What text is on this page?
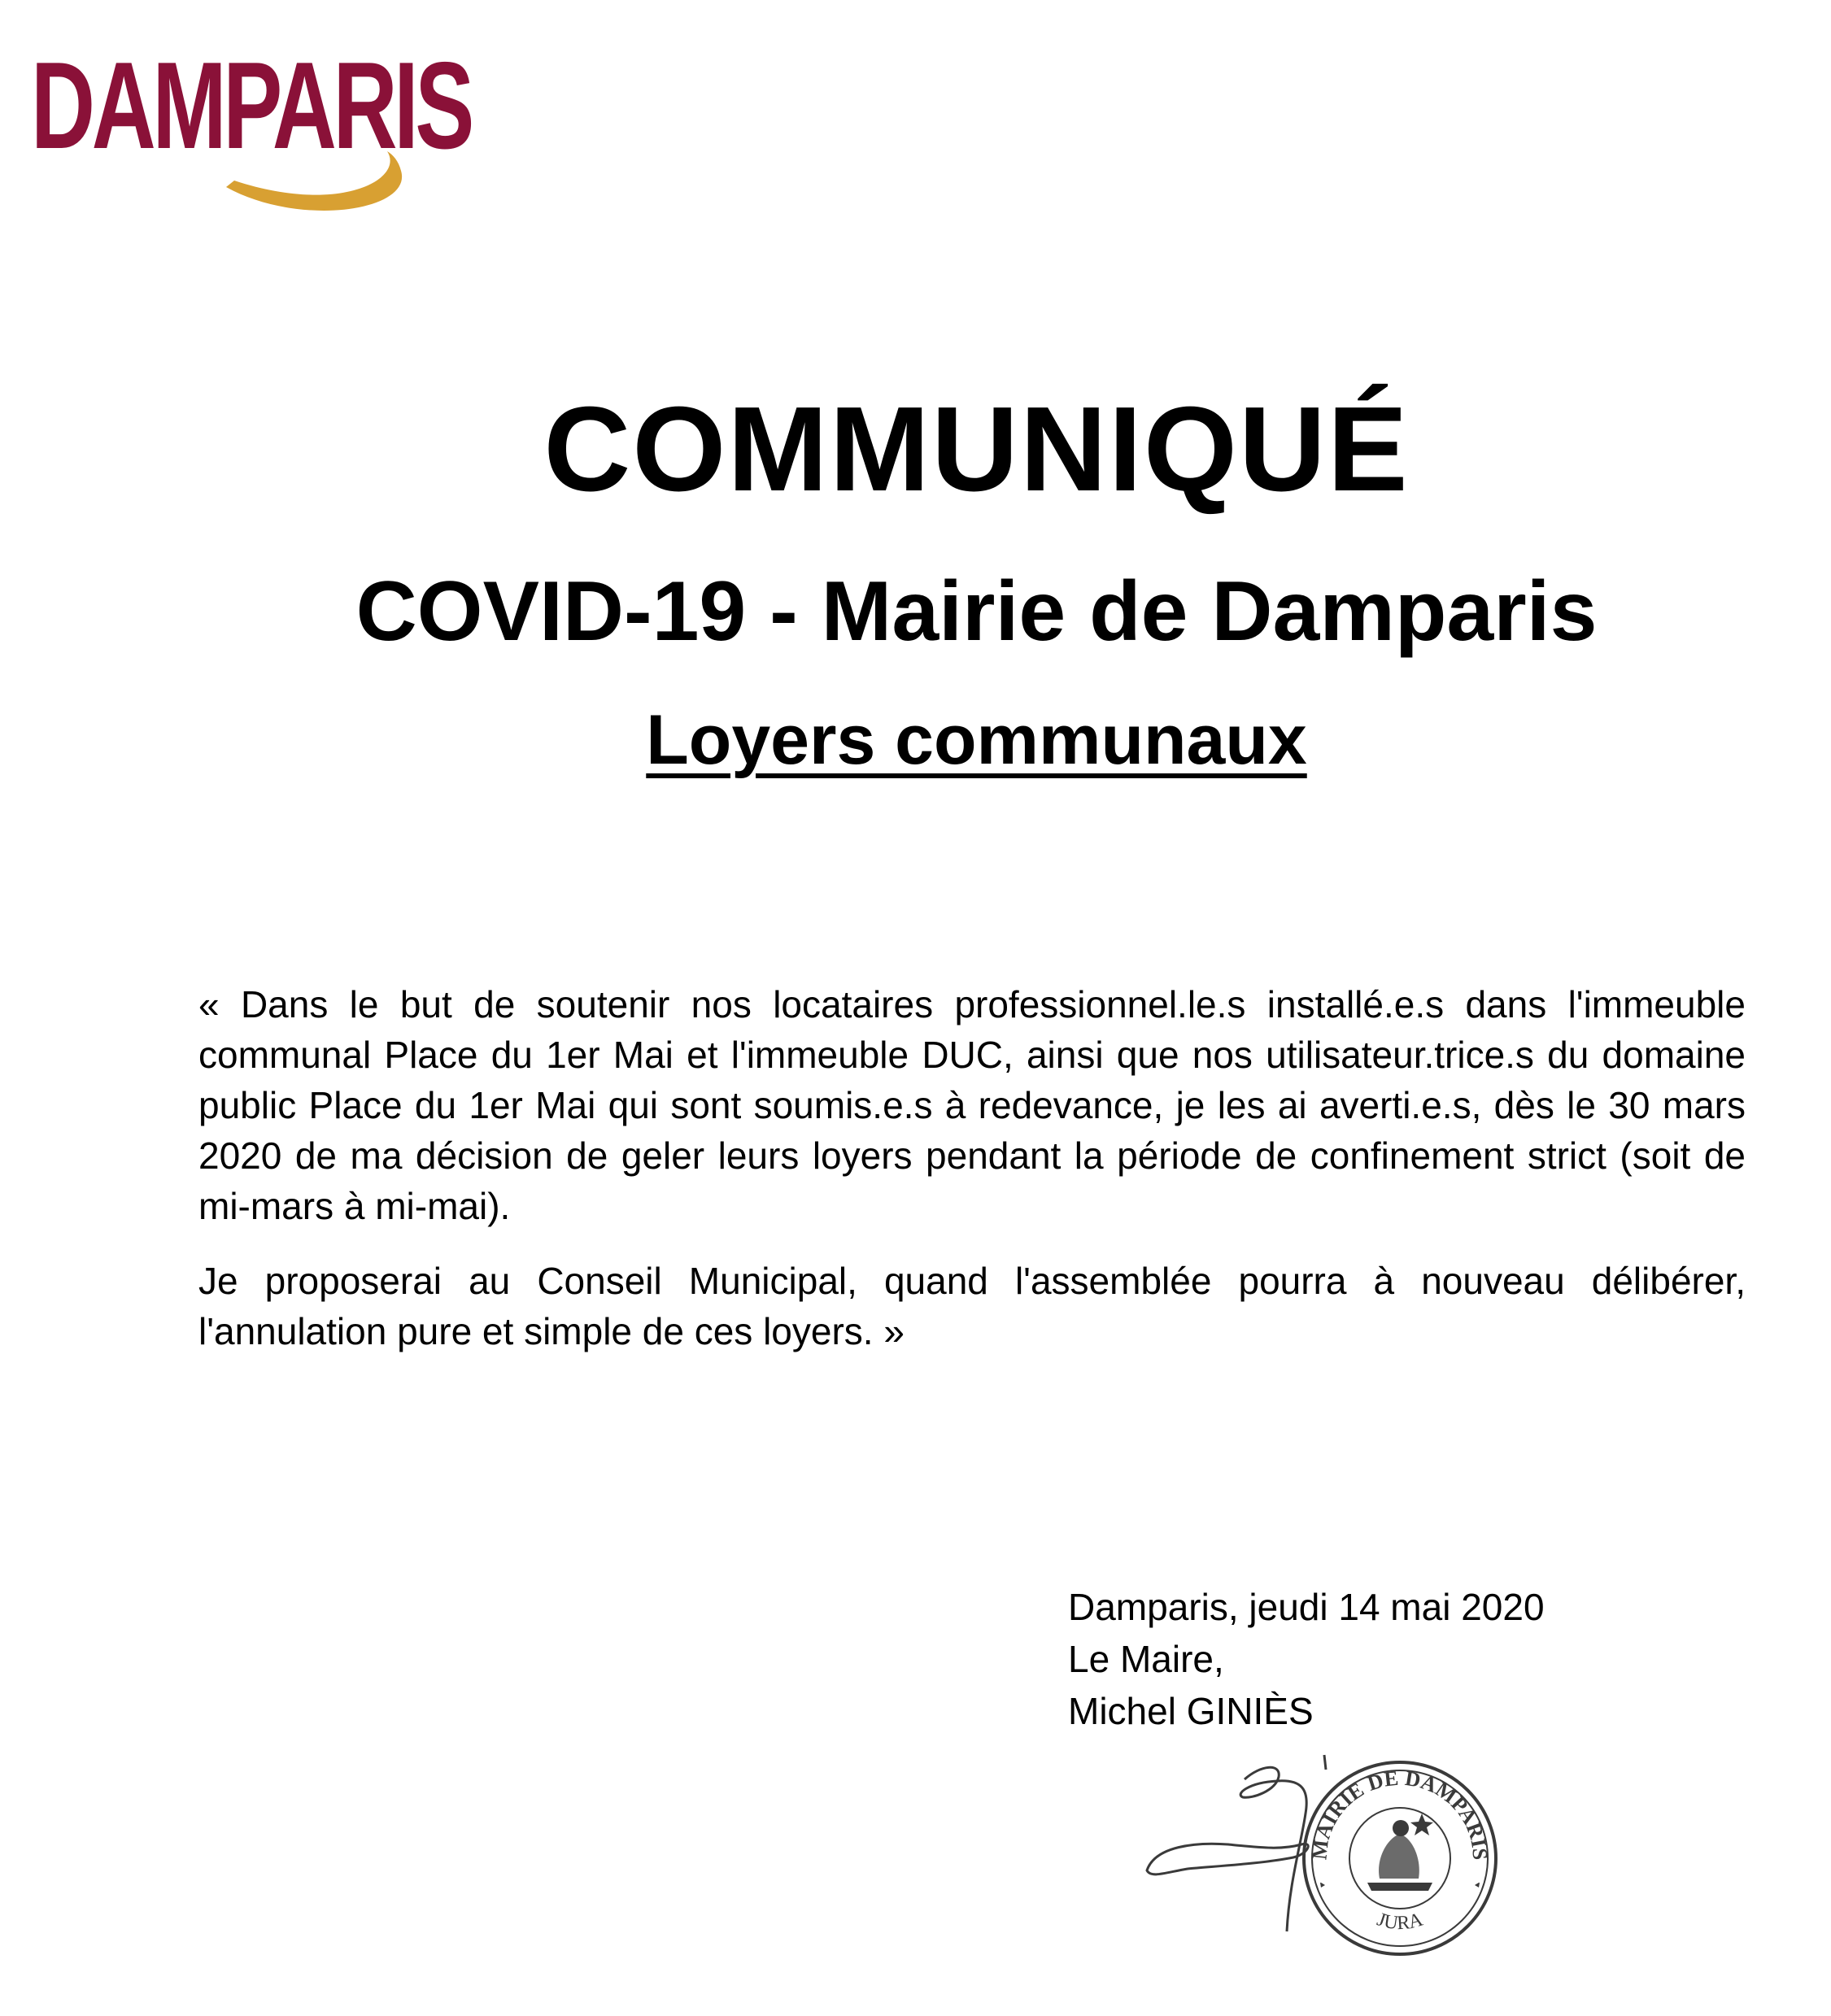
DAMPARIS
COMMUNIQUÉ
COVID-19 - Mairie de Damparis
Loyers communaux

« Dans le but de soutenir nos locataires professionnel.le.s installé.e.s dans l'immeuble communal Place du 1er Mai et l'immeuble DUC, ainsi que nos utilisateur.trice.s du domaine public Place du 1er Mai qui sont soumis.e.s à redevance, je les ai averti.e.s, dès le 30 mars 2020 de ma décision de geler leurs loyers pendant la période de confinement strict (soit de mi-mars à mi-mai).

Je proposerai au Conseil Municipal, quand l'assemblée pourra à nouveau délibérer, l'annulation pure et simple de ces loyers. »

Damparis, jeudi 14 mai 2020
Le Maire,
Michel GINIÈS
MAIRIE DE DAMPARIS
JURA
